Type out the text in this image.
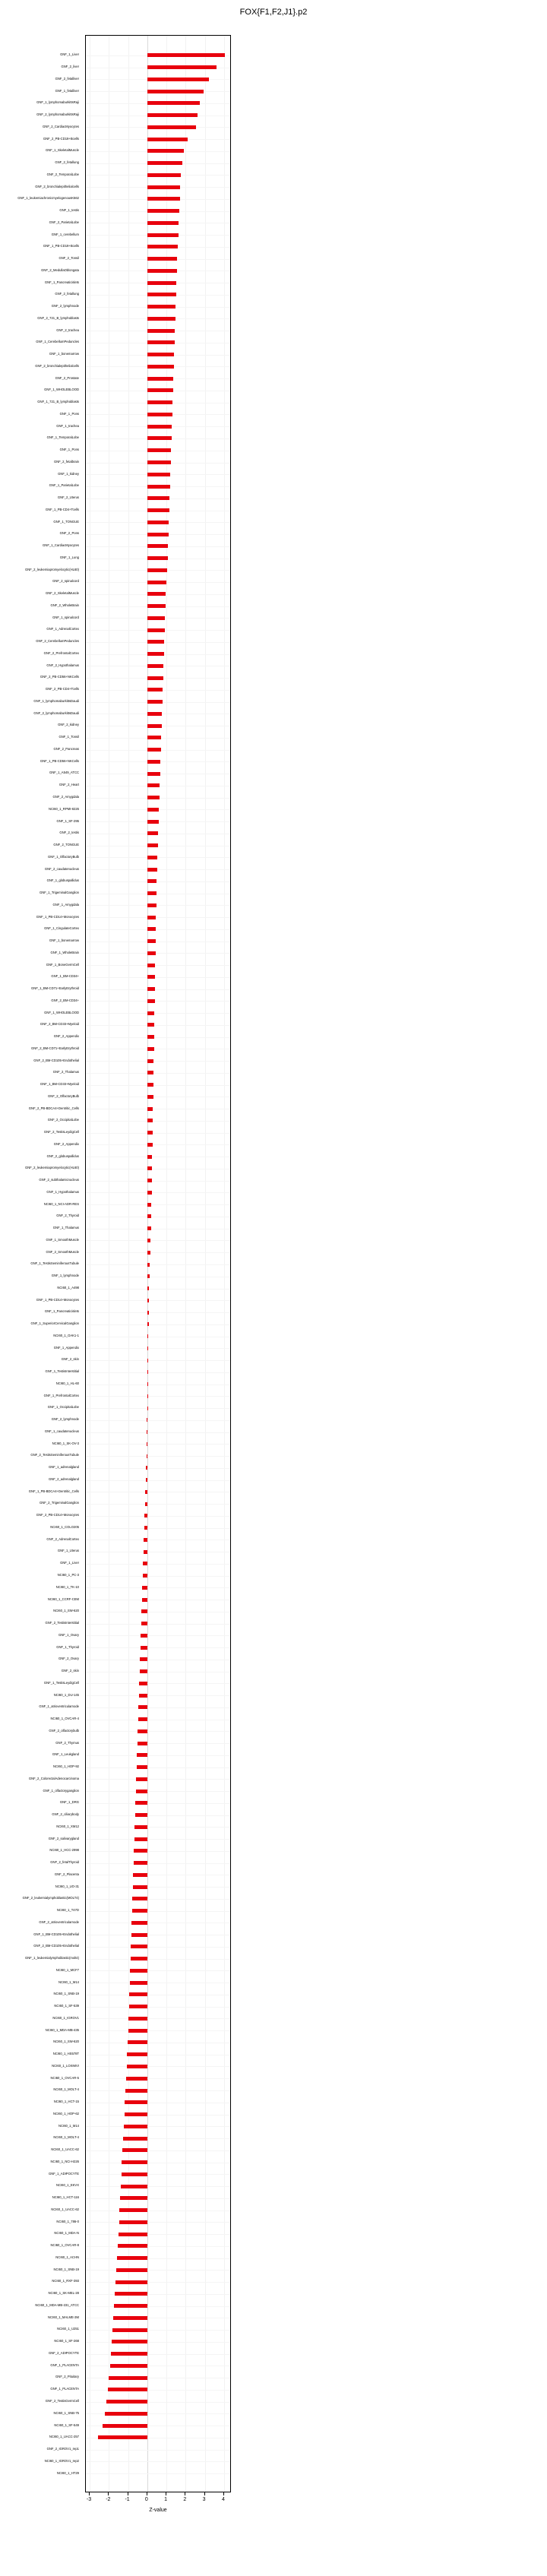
FOX{F1,F2,J1}.p2
GNF_1_Liver
GNF_2_liver
GNF_2_fetalliver
GNF_1_fetalliver
GNF_1_lymphomaburkittsRaji
GNF_2_lymphomaburkittsRaji
GNF_2_CardiacMyocytes
GNF_2_PB-CD19+Bcells
GNF_1_SkeletalMuscle
GNF_2_fetallung
GNF_2_TemporalLobe
GNF_2_bronchialepithelialcells
GNF_1_leukemiachronicmyelogenousK562
GNF_1_testis
GNF_2_ParietalLobe
GNF_1_cerebellum
GNF_1_PB-CD19+Bcells
GNF_2_Tonsil
GNF_2_MedullaOblongata
GNF_1_Pancreaticislets
GNF_2_fetallung
GNF_2_lymphnode
GNF_2_721_B_lymphoblasts
GNF_2_trachea
GNF_1_CerebellumPeduncles
GNF_1_bonemarrow
GNF_2_bronchialepithelialcells
GNF_2_Prostate
GNF_1_WHOLEBLOOD
GNF_1_721_B_lymphoblasts
GNF_1_Pons
GNF_1_trachea
GNF_1_TemporalLobe
GNF_1_Pons
GNF_2_fetalbrain
GNF_1_kidney
GNF_1_ParietalLobe
GNF_2_Uterus
GNF_1_PB-CD4+Tcells
GNF_1_TONGUE
GNF_2_Pons
GNF_1_CardiacMyocytes
GNF_1_Lung
GNF_2_leukemiapromyelocytic(HL60)
GNF_2_spinalcord
GNF_2_SkeletalMuscle
GNF_2_WholeBrain
GNF_1_spinalcord
GNF_1_AdrenalCortex
GNF_2_CerebellumPeduncles
GNF_2_PrefrontalCortex
GNF_2_Hypothalamus
GNF_2_PB-CD56+NKCells
GNF_2_PB-CD4+Tcells
GNF_1_lymphomaburkittsDaudi
GNF_2_lymphomaburkittsDaudi
GNF_2_kidney
GNF_1_Tonsil
GNF_2_Pancreas
GNF_1_PB-CD56+NKCells
GNF_1_A549_ATCC
GNF_2_Heart
GNF_2_Amygdala
NCI60_1_RPMI-8226
GNF_1_SF-295
GNF_2_testis
GNF_2_TONGUE
GNF_1_OlfactoryBulb
GNF_2_caudatenucleus
GNF_1_globuspallidus
GNF_1_TrigeminalGanglion
GNF_1_Amygdala
GNF_1_PB-CD14+Monocytes
GNF_1_CingulateCortex
GNF_1_bonemarrow
GNF_1_WholeBrain
GNF_1_BoneGermCell
GNF_1_BM-CD34+
GNF_1_BM-CD71+EarlyErythroid
GNF_2_BM-CD34+
GNF_1_WHOLEBLOOD
GNF_2_BM-CD33+Myeloid
GNF_2_Appendix
GNF_2_BM-CD71+EarlyErythroid
GNF_2_BM-CD105+Endothelial
GNF_2_Thalamus
GNF_1_BM-CD33+Myeloid
GNF_2_OlfactoryBulb
GNF_2_PB-BDCA4+Dentritic_Cells
GNF_2_OccipitalLobe
GNF_2_TestisLeydigCell
GNF_2_Appendix
GNF_2_globuspallidus
GNF_2_leukemiapromyelocytic(HL60)
GNF_2_subthalamicnucleus
GNF_1_Hypothalamus
NCI60_1_NCI-ADR-RES
GNF_2_Thyroid
GNF_1_Thalamus
GNF_1_SmoothMuscle
GNF_2_SmoothMuscle
GNF_1_TestisSeminiferousTubule
GNF_1_lymphnode
NCI60_1_A498
GNF_1_PB-CD14+Monocytes
GNF_1_Pancreaticislets
GNF_1_SuperiorCervicalGanglion
NCI60_1_OAK1-1
GNF_1_Appendix
GNF_2_skin
GNF_1_TestisInterstitial
NCI60_1_HL-60
GNF_1_PrefrontalCortex
GNF_1_OccipitalLobe
GNF_2_lymphnode
GNF_1_caudatenucleus
NCI60_1_SK-OV-3
GNF_2_TestisSeminiferousTubule
GNF_1_adrenalgland
GNF_2_adrenalgland
GNF_1_PB-BDCA4+Dentritic_Cells
GNF_2_TrigeminalGanglion
GNF_2_PB-CD14+Monocytes
NCI60_1_COLO205
GNF_2_AdrenalCortex
GNF_1_Uterus
GNF_1_Liver
NCI60_1_PC-3
NCI60_1_TK-10
NCI60_1_CCRF-CEM
NCI60_1_SW-620
GNF_2_TestisInterstitial
GNF_1_Ovary
GNF_1_Thyroid
GNF_2_Ovary
GNF_2_skin
GNF_1_TestisLeydigCell
NCI60_1_DU-145
GNF_1_atrioventricularnode
NCI60_1_OVCAR-4
GNF_2_olfactorybulb
GNF_2_Thymus
GNF_1_Leukgland
NCI60_1_HOP-92
GNF_2_ColorectalAdenocarcinoma
GNF_1_olfactoryganglion
GNF_1_DRG
GNF_2_ciliarybody
NCI60_1_XM12
GNF_2_salivarygland
NCI60_1_HCC-2998
GNF_2_fetalThyroid
GNF_2_Placenta
NCI60_1_UO-31
GNF_2_leukemialymphoblastic(MOLT4)
NCI60_1_T47D
GNF_2_atrioventricularnode
GNF_1_BM-CD105+Endothelial
GNF_2_BM-CD105+Endothelial
GNF_1_leukemialymphoblastic(molt4)
NCI60_1_MCF7
NCI60_1_M14
NCI60_1_SNB-19
NCI60_1_SF-539
NCI60_1_IGROV1
NCI60_1_MDA-MB-435
NCI60_1_SW-620
NCI60_1_HS578T
NCI60_1_LOXIMVI
NCI60_1_OVCAR-5
NCI60_1_MOLT-4
NCI60_1_HCT-15
NCI60_1_HOP-62
NCI60_1_M14
NCI60_1_MOLT-4
NCI60_1_UACC-62
NCI60_1_NCI-H226
GNF_1_ADIPOCYTE
NCI60_1_EKVX
NCI60_1_HCT-116
NCI60_1_UACC-62
NCI60_1_786-0
NCI60_1_MDA-N
NCI60_1_OVCAR-8
NCI60_1_ACHN
NCI60_1_SNB-19
NCI60_1_RXF-393
NCI60_1_SK-MEL-28
NCI60_1_MDA-MB-231_ATCC
NCI60_1_MALME-3M
NCI60_1_U251
NCI60_1_SF-268
GNF_2_ADIPOCYTE
GNF_1_PLACENTA
GNF_2_Pituitary
GNF_1_PLACENTA
GNF_2_TestisGermCell
NCI60_1_SNB-75
NCI60_1_SF-549
NCI60_1_UACC-257
GNF_2_IGROV1_rep1
NCI60_1_IGROV1_rep2
NCI60_1_HT29
-3	-2	-1	0	1	2	3	4
Z-value
